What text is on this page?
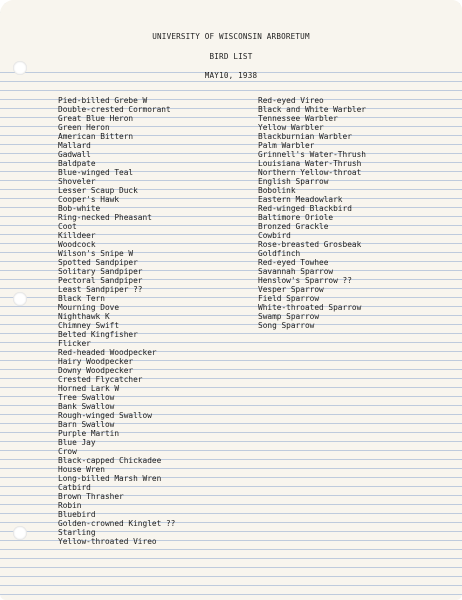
UNIVERSITY OF WISCONSIN ARBORETUM
BIRD LIST
MAY10, 1938
Pied-billed Grebe W
Double-crested Cormorant
Great Blue Heron
Green Heron
American Bittern
Mallard
Gadwall
Baldpate
Blue-winged Teal
Shoveler
Lesser Scaup Duck
Cooper's Hawk
Bob-white
Ring-necked Pheasant
Coot
Killdeer
Woodcock
Wilson's Snipe W
Spotted Sandpiper
Solitary Sandpiper
Pectoral Sandpiper
Least Sandpiper ??
Black Tern
Mourning Dove
Nighthawk K
Chimney Swift
Belted Kingfisher
Flicker
Red-headed Woodpecker
Hairy Woodpecker
Downy Woodpecker
Crested Flycatcher
Horned Lark W
Tree Swallow
Bank Swallow
Rough-winged Swallow
Barn Swallow
Purple Martin
Blue Jay
Crow
Black-capped Chickadee
House Wren
Long-billed Marsh Wren
Catbird
Brown Thrasher
Robin
Bluebird
Golden-crowned Kinglet ??
Starling
Yellow-throated Vireo
Red-eyed Vireo
Black and White Warbler
Tennessee Warbler
Yellow Warbler
Blackburnian Warbler
Palm Warbler
Grinnell's Water-Thrush
Louisiana Water-Thrush
Northern Yellow-throat
English Sparrow
Bobolink
Eastern Meadowlark
Red-winged Blackbird
Baltimore Oriole
Bronzed Grackle
Cowbird
Rose-breasted Grosbeak
Goldfinch
Red-eyed Towhee
Savannah Sparrow
Henslow's Sparrow ??
Vesper Sparrow
Field Sparrow
White-throated Sparrow
Swamp Sparrow
Song Sparrow
